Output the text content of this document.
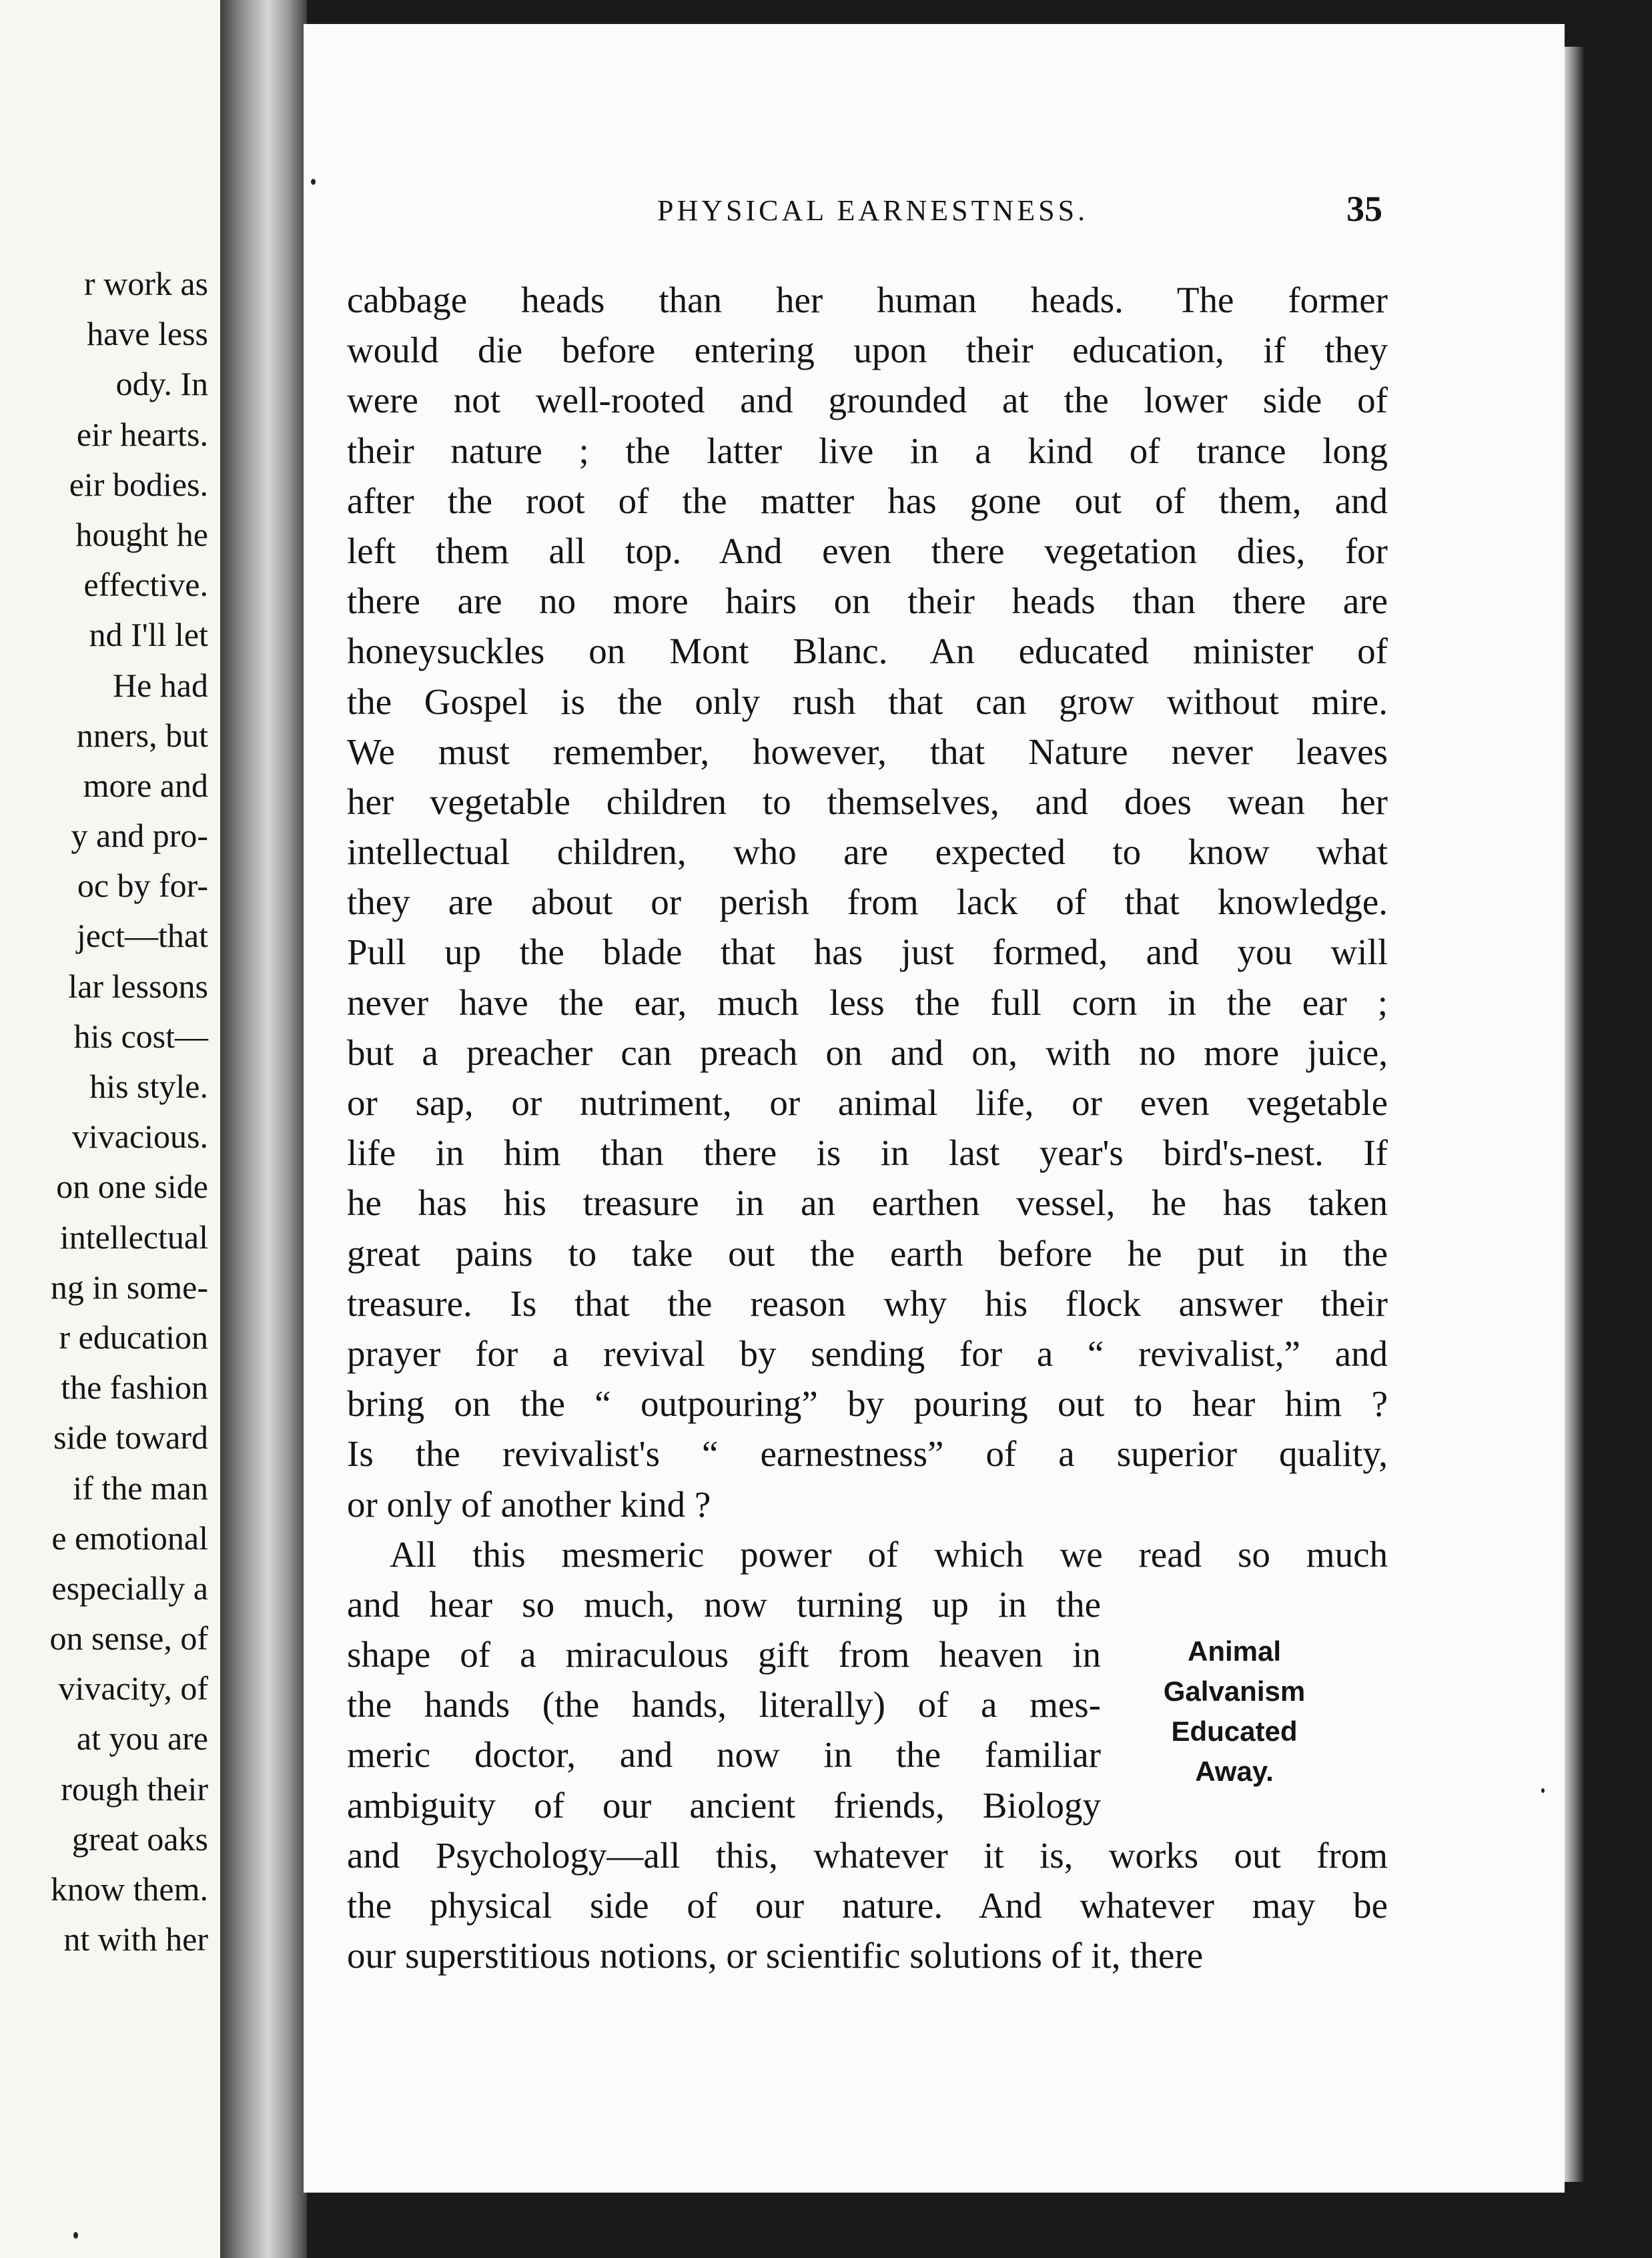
r work as
have less
ody. In
eir hearts.
eir bodies.
hought he
effective.
nd I'll let
He had
nners, but
more and
y and pro-
oc by for-
ject—that
lar lessons
his cost—
his style.
vivacious.
on one side
intellectual
ng in some-
r education
the fashion
side toward
if the man
e emotional
especially a
on sense, of
vivacity, of
at you are
rough their
great oaks
know them.
nt with her
PHYSICAL EARNESTNESS.	35
cabbage heads than her human heads. The former
would die before entering upon their education, if they
were not well-rooted and grounded at the lower side of
their nature ; the latter live in a kind of trance long
after the root of the matter has gone out of them, and
left them all top. And even there vegetation dies, for
there are no more hairs on their heads than there are
honeysuckles on Mont Blanc. An educated minister of
the Gospel is the only rush that can grow without mire.
We must remember, however, that Nature never leaves
her vegetable children to themselves, and does wean her
intellectual children, who are expected to know what
they are about or perish from lack of that knowledge.
Pull up the blade that has just formed, and you will
never have the ear, much less the full corn in the ear ;
but a preacher can preach on and on, with no more juice,
or sap, or nutriment, or animal life, or even vegetable
life in him than there is in last year's bird's-nest. If
he has his treasure in an earthen vessel, he has taken
great pains to take out the earth before he put in the
treasure. Is that the reason why his flock answer their
prayer for a revival by sending for a “ revivalist,” and
bring on the “ outpouring” by pouring out to hear him ?
Is the revivalist's “ earnestness” of a superior quality,
or only of another kind ?
All this mesmeric power of which we read so much
and hear so much, now turning up in the
shape of a miraculous gift from heaven in
the hands (the hands, literally) of a mes-
meric doctor, and now in the familiar
ambiguity of our ancient friends, Biology
and Psychology—all this, whatever it is, works out from
the physical side of our nature. And whatever may be
our superstitious notions, or scientific solutions of it, there
Animal
Galvanism
Educated
Away.
